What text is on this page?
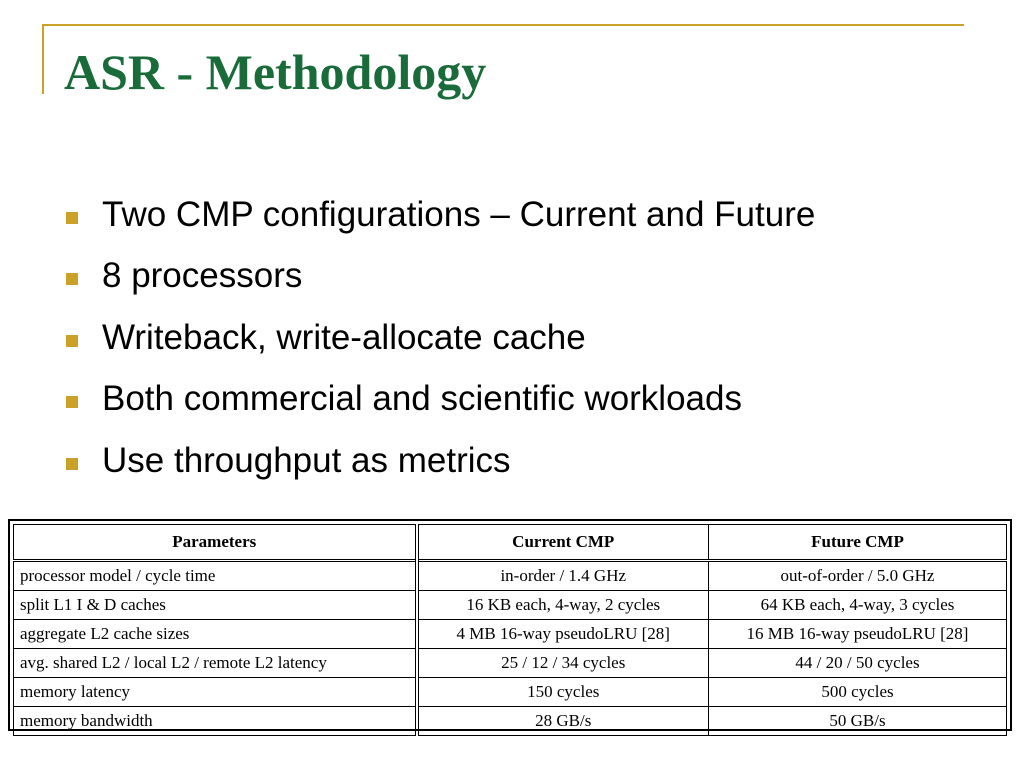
ASR - Methodology
Two CMP configurations – Current and Future
8 processors
Writeback, write-allocate cache
Both commercial and scientific workloads
Use throughput as metrics
Parameters	Current CMP	Future CMP
processor model / cycle time	in-order / 1.4 GHz	out-of-order / 5.0 GHz
split L1 I & D caches	16 KB each, 4-way, 2 cycles	64 KB each, 4-way, 3 cycles
aggregate L2 cache sizes	4 MB 16-way pseudoLRU [28]	16 MB 16-way pseudoLRU [28]
avg. shared L2 / local L2 / remote L2 latency	25 / 12 / 34 cycles	44 / 20 / 50 cycles
memory latency	150 cycles	500 cycles
memory bandwidth	28 GB/s	50 GB/s
